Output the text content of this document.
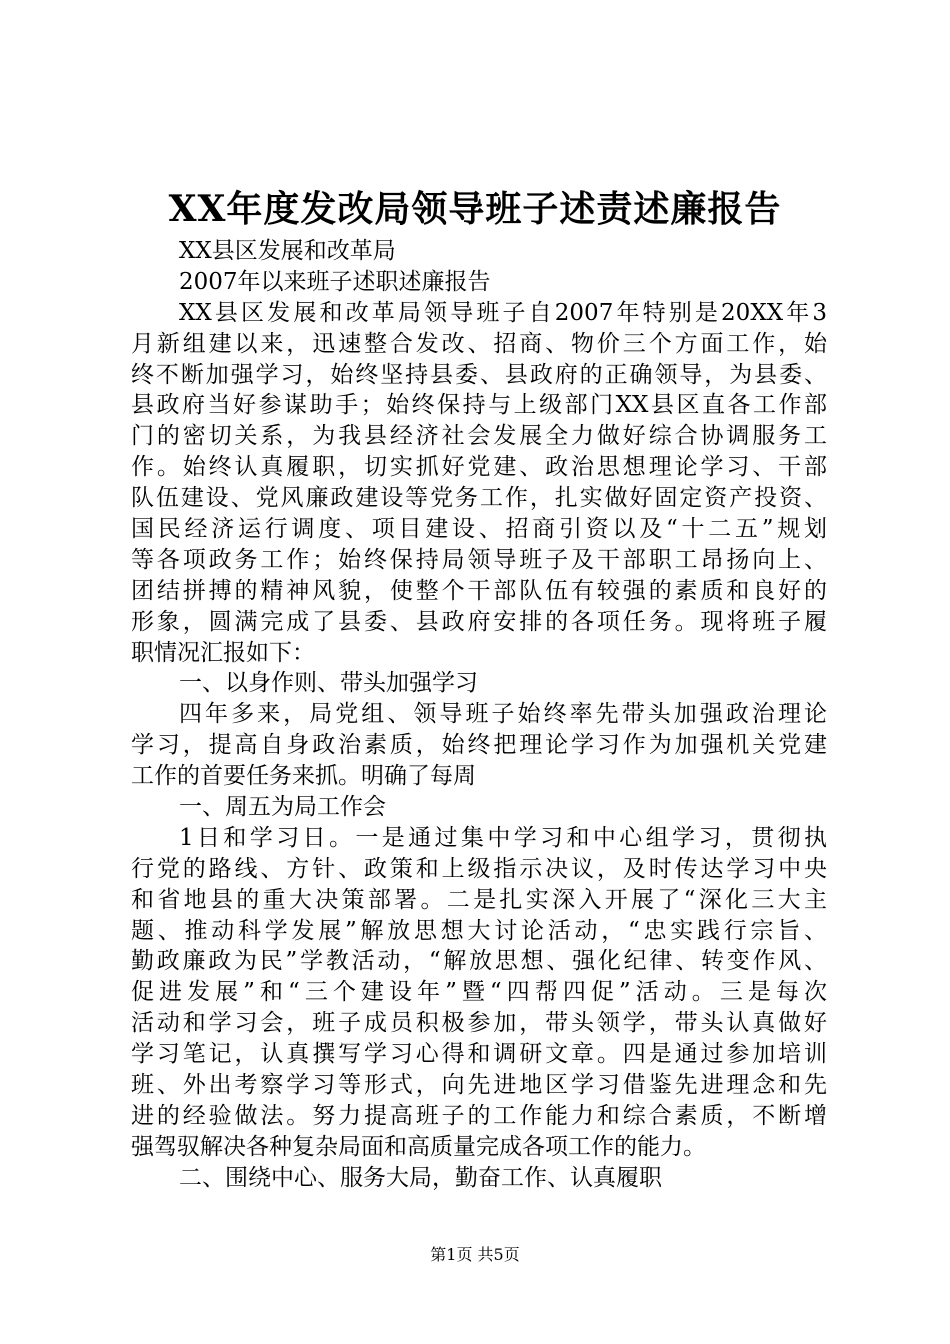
XX年度发改局领导班子述责述廉报告
XX县区发展和改革局
2007年以来班子述职述廉报告
XX县区发展和改革局领导班子自2007年特别是20XX年3
月新组建以来，迅速整合发改、招商、物价三个方面工作，始
终不断加强学习，始终坚持县委、县政府的正确领导，为县委、
县政府当好参谋助手；始终保持与上级部门XX县区直各工作部
门的密切关系，为我县经济社会发展全力做好综合协调服务工
作。始终认真履职，切实抓好党建、政治思想理论学习、干部
队伍建设、党风廉政建设等党务工作，扎实做好固定资产投资、
国民经济运行调度、项目建设、招商引资以及“十二五”规划
等各项政务工作；始终保持局领导班子及干部职工昂扬向上、
团结拼搏的精神风貌，使整个干部队伍有较强的素质和良好的
形象，圆满完成了县委、县政府安排的各项任务。现将班子履
职情况汇报如下：
一、以身作则、带头加强学习
四年多来，局党组、领导班子始终率先带头加强政治理论
学习，提高自身政治素质，始终把理论学习作为加强机关党建
工作的首要任务来抓。明确了每周
一、周五为局工作会
1日和学习日。一是通过集中学习和中心组学习，贯彻执
行党的路线、方针、政策和上级指示决议，及时传达学习中央
和省地县的重大决策部署。二是扎实深入开展了“深化三大主
题、推动科学发展”解放思想大讨论活动，“忠实践行宗旨、
勤政廉政为民”学教活动，“解放思想、强化纪律、转变作风、
促进发展”和“三个建设年”暨“四帮四促”活动。三是每次
活动和学习会，班子成员积极参加，带头领学，带头认真做好
学习笔记，认真撰写学习心得和调研文章。四是通过参加培训
班、外出考察学习等形式，向先进地区学习借鉴先进理念和先
进的经验做法。努力提高班子的工作能力和综合素质，不断增
强驾驭解决各种复杂局面和高质量完成各项工作的能力。
二、围绕中心、服务大局，勤奋工作、认真履职
第1页 共5页
